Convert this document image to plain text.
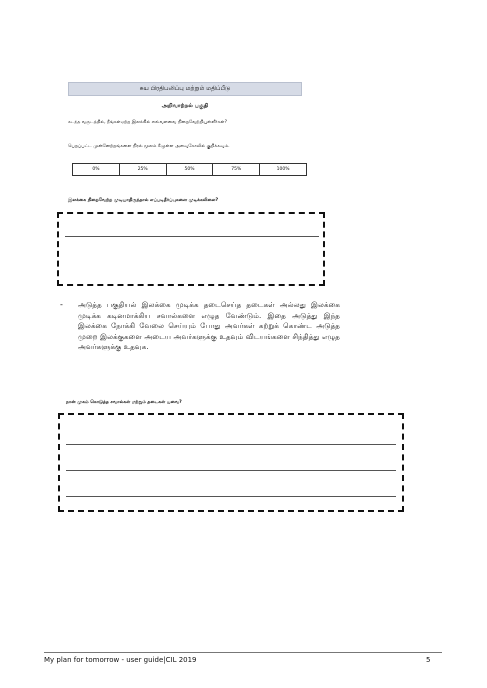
சுய பிரதிபலிப்பு மற்றும் மதிப்பீடு
அறிவாற்றல் பகுதி
கடந்த வருடத்தில், நீங்கள்ஏற்ற இலக்கில் எவ்வளவை நிறைவேற்றியுள்ளீர்கள்?
பெறப்பட்ட முன்னேற்றங்களை நிரல் மூலம் கீழுள்ள அளவுகோலில் குறிக்கவும்.
0%	25%	50%	75%	100%
இலக்கை நிறைவேற்ற முடியாதிருந்தால் எப்படிதீர்ப்புகளை முடிக்கலிலை?
- அடுத்த பகுதியல் இலக்கை முடிக்க தடைசெய்த தடைகள் அல்லது இலக்கை முடிக்க கடினமாக்கிய சவால்களை எழுத வேண்டும். இதை அடுத்து இந்த இலக்கை நோக்கி வேலை செய்யும் போது அவர்கள் கற்றுக் கொண்ட அடுத்த முறை இலக்குகளை அடைய அவர்களுக்கு உதவும் விடயங்களை சிந்தித்து எழுத அவர்களுக்கு உதவுக.
நான் முகம் கொடுத்த சவால்கள் மற்றும் தடைகள் யவை?
My plan for tomorrow - user guide|CIL 2019	5
